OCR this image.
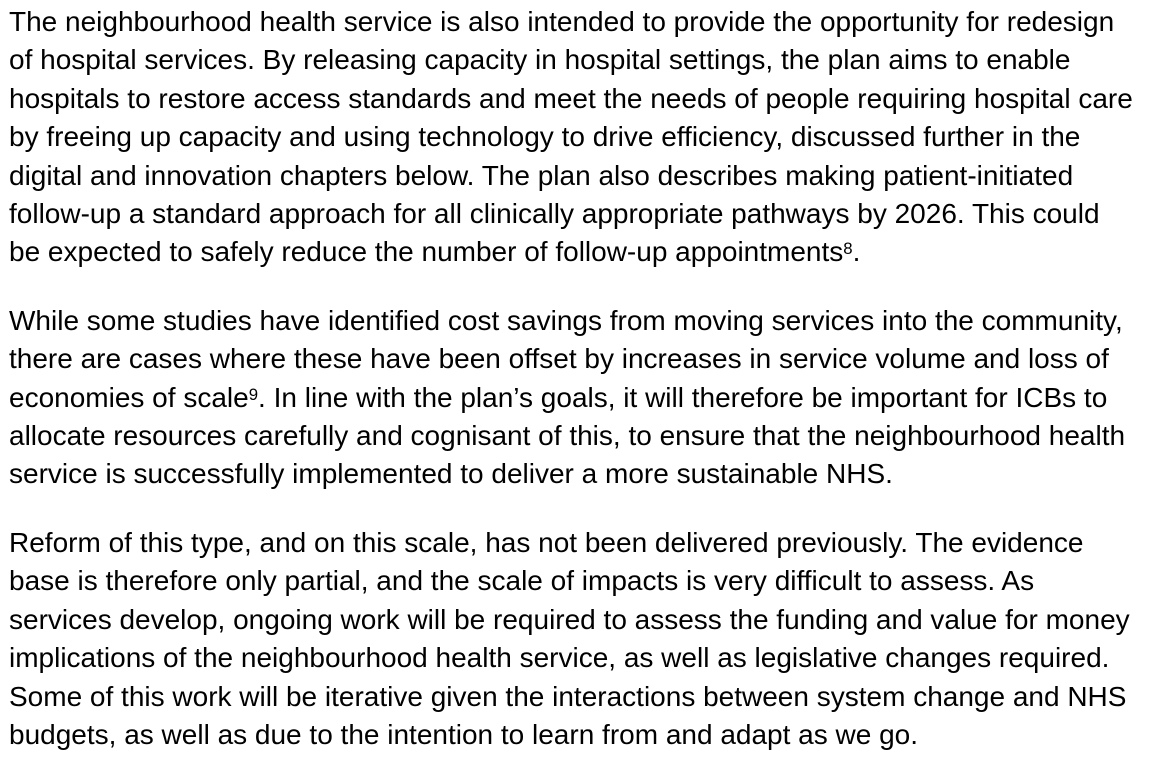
The neighbourhood health service is also intended to provide the opportunity for redesign
of hospital services. By releasing capacity in hospital settings, the plan aims to enable
hospitals to restore access standards and meet the needs of people requiring hospital care
by freeing up capacity and using technology to drive efficiency, discussed further in the
digital and innovation chapters below. The plan also describes making patient-initiated
follow-up a standard approach for all clinically appropriate pathways by 2026. This could
be expected to safely reduce the number of follow-up appointments$^8$.

While some studies have identified cost savings from moving services into the community,
there are cases where these have been offset by increases in service volume and loss of
economies of scale$^9$. In line with the plan’s goals, it will therefore be important for ICBs to
allocate resources carefully and cognisant of this, to ensure that the neighbourhood health
service is successfully implemented to deliver a more sustainable NHS.

Reform of this type, and on this scale, has not been delivered previously. The evidence
base is therefore only partial, and the scale of impacts is very difficult to assess. As
services develop, ongoing work will be required to assess the funding and value for money
implications of the neighbourhood health service, as well as legislative changes required.
Some of this work will be iterative given the interactions between system change and NHS
budgets, as well as due to the intention to learn from and adapt as we go.
